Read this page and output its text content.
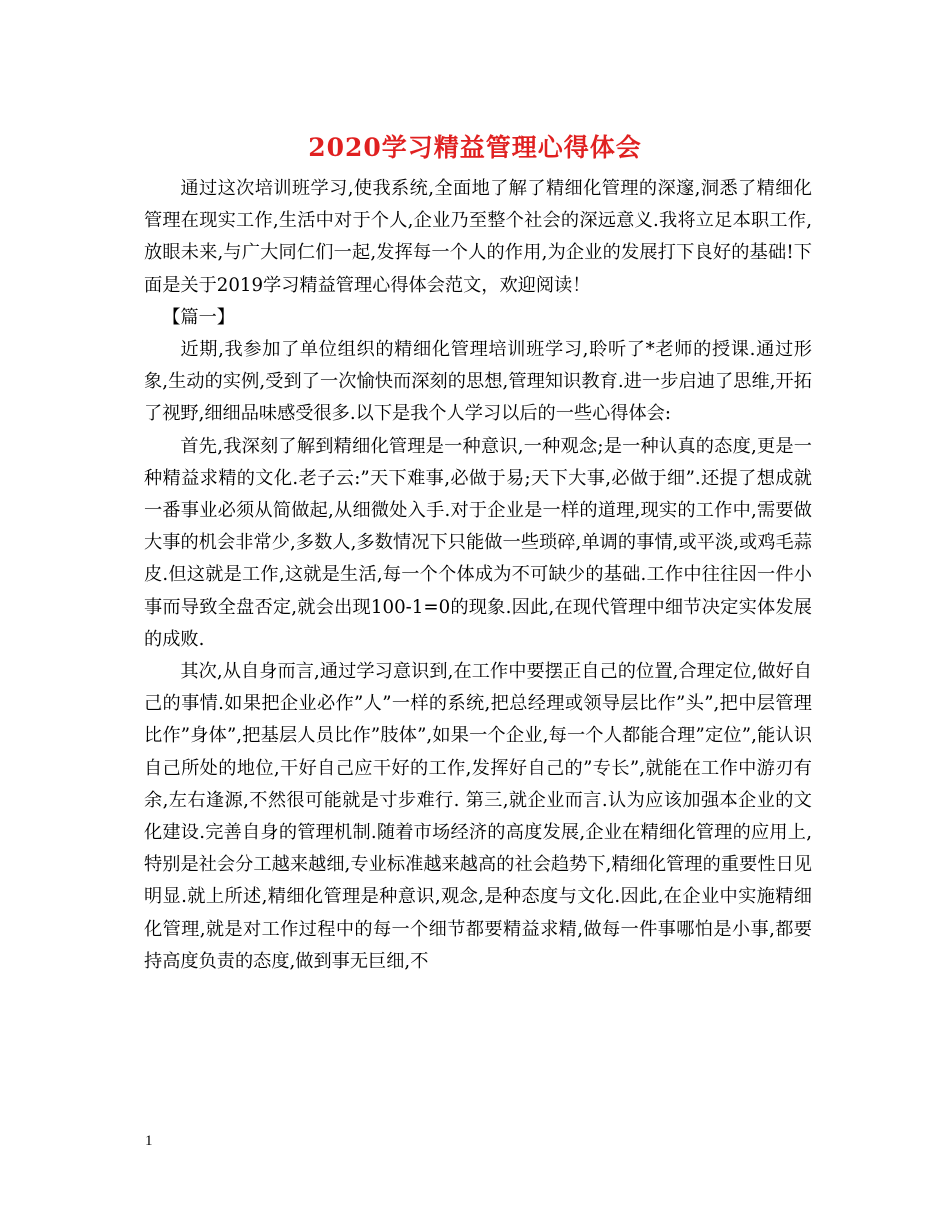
2020学习精益管理心得体会

通过这次培训班学习,使我系统,全面地了解了精细化管理的深邃,洞悉了精细化管理在现实工作,生活中对于个人,企业乃至整个社会的深远意义.我将立足本职工作,放眼未来,与广大同仁们一起,发挥每一个人的作用,为企业的发展打下良好的基础!下面是关于2019学习精益管理心得体会范文，欢迎阅读！

【篇一】

近期,我参加了单位组织的精细化管理培训班学习,聆听了*老师的授课.通过形象,生动的实例,受到了一次愉快而深刻的思想,管理知识教育.进一步启迪了思维,开拓了视野,细细品味感受很多.以下是我个人学习以后的一些心得体会:

首先,我深刻了解到精细化管理是一种意识,一种观念;是一种认真的态度,更是一种精益求精的文化.老子云:”天下难事,必做于易;天下大事,必做于细”.还提了想成就一番事业必须从简做起,从细微处入手.对于企业是一样的道理,现实的工作中,需要做大事的机会非常少,多数人,多数情况下只能做一些琐碎,单调的事情,或平淡,或鸡毛蒜皮.但这就是工作,这就是生活,每一个个体成为不可缺少的基础.工作中往往因一件小事而导致全盘否定,就会出现100-1=0的现象.因此,在现代管理中细节决定实体发展的成败.

其次,从自身而言,通过学习意识到,在工作中要摆正自己的位置,合理定位,做好自己的事情.如果把企业必作”人”一样的系统,把总经理或领导层比作”头”,把中层管理比作”身体”,把基层人员比作”肢体”,如果一个企业,每一个人都能合理”定位”,能认识自己所处的地位,干好自己应干好的工作,发挥好自己的”专长”,就能在工作中游刃有余,左右逢源,不然很可能就是寸步难行. 第三,就企业而言.认为应该加强本企业的文化建设.完善自身的管理机制.随着市场经济的高度发展,企业在精细化管理的应用上,特别是社会分工越来越细,专业标准越来越高的社会趋势下,精细化管理的重要性日见明显.就上所述,精细化管理是种意识,观念,是种态度与文化.因此,在企业中实施精细化管理,就是对工作过程中的每一个细节都要精益求精,做每一件事哪怕是小事,都要持高度负责的态度,做到事无巨细,不

1
